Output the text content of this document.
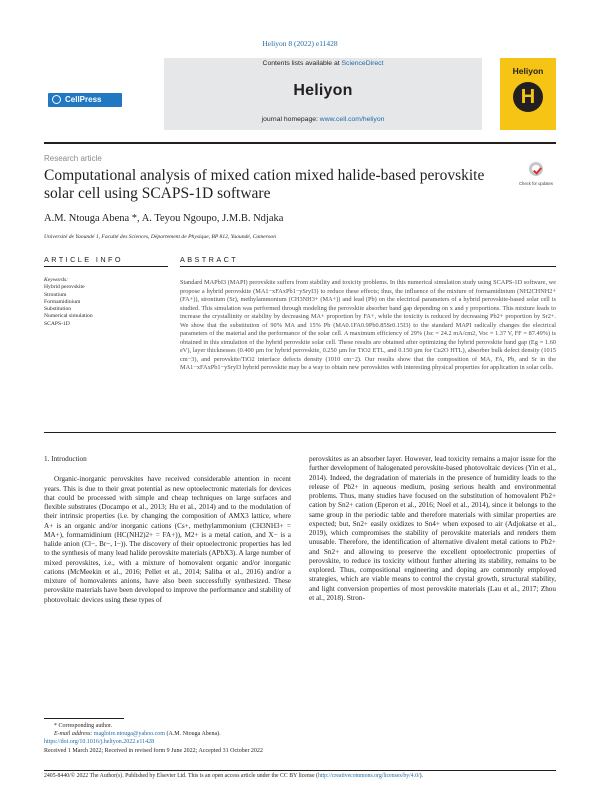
Heliyon 8 (2022) e11428
Contents lists available at ScienceDirect
Heliyon
journal homepage: www.cell.com/heliyon
CellPress
Heliyon
H
Research article
Check for updates
Computational analysis of mixed cation mixed halide-based perovskite solar cell using SCAPS-1D software
A.M. Ntouga Abena *, A. Teyou Ngoupo, J.M.B. Ndjaka
Université de Yaoundé 1, Faculté des Sciences, Département de Physique, BP 812, Yaoundé, Cameroon
ARTICLE INFO	ABSTRACT
Keywords:
Hybrid perovskite
Strontium
Formamidinium
Substitution
Numerical simulation
SCAPS-1D
Standard MAPbI3 (MAPI) perovskite suffers from stability and toxicity problems. In this numerical simulation study using SCAPS-1D software, we propose a hybrid perovskite (MA1−xFAxPb1−ySryI3) to reduce these effects; thus, the influence of the mixture of formamidinium (NH2CHNH2+ (FA+)), strontium (Sr), methylammonium (CH3NH3+ (MA+)) and lead (Pb) on the electrical parameters of a hybrid perovskite-based solar cell is studied. This simulation was performed through modeling the perovskite absorber band gap depending on x and y proportions. This mixture leads to increase the crystallinity or stability by decreasing MA+ proportion by FA+, while the toxicity is reduced by decreasing Pb2+ proportion by Sr2+. We show that the substitution of 90% MA and 15% Pb (MA0.1FA0.9Pb0.85Sr0.15I3) to the standard MAPI radically changes the electrical parameters of the material and the performance of the solar cell. A maximum efficiency of 29% (Jsc = 24.2 mA/cm2, Voc = 1.37 V, FF = 87.49%) is obtained in this simulation of the hybrid perovskite solar cell. These results are obtained after optimizing the hybrid perovskite band gap (Eg = 1.60 eV), layer thicknesses (0.400 µm for hybrid perovskite, 0.250 µm for TiO2 ETL, and 0.150 µm for Cu2O HTL), absorber bulk defect density (1015 cm−3), and perovskite/TiO2 interface defects density (1010 cm−2). Our results show that the composition of MA, FA, Pb, and Sr in the MA1−xFAxPb1−ySryI3 hybrid perovskite may be a way to obtain new perovskites with interesting physical properties for application in solar cells.
1. Introduction

Organic-inorganic perovskites have received considerable attention in recent years. This is due to their great potential as new optoelectronic materials for devices that could be processed with simple and cheap techniques on large surfaces and flexible substrates (Docampo et al., 2013; Hu et al., 2014) and to the modulation of their intrinsic properties (i.e. by changing the composition of AMX3 lattice, where A+ is an organic and/or inorganic cations (Cs+, methylammonium (CH3NH3+ = MA+), formamidinium (HC(NH2)2+ = FA+)), M2+ is a metal cation, and X− is a halide anion (Cl−, Br−, I−)). The discovery of their optoelectronic properties has led to the synthesis of many lead halide perovskite materials (APbX3). A large number of mixed perovskites, i.e., with a mixture of homovalent organic and/or inorganic cations (McMeekin et al., 2016; Pellet et al., 2014; Saliba et al., 2016) and/or a mixture of homovalents anions, have also been successfully synthesized. These perovskite materials have been developed to improve the performance and stability of photovoltaic devices using these types of

perovskites as an absorber layer. However, lead toxicity remains a major issue for the further development of halogenated perovskite-based photovoltaic devices (Yin et al., 2014). Indeed, the degradation of materials in the presence of humidity leads to the release of Pb2+ in aqueous medium, posing serious health and environmental problems. Thus, many studies have focused on the substitution of homovalent Pb2+ cation by Sn2+ cation (Eperon et al., 2016; Noel et al., 2014), since it belongs to the same group in the periodic table and therefore materials with similar properties are expected; but, Sn2+ easily oxidizes to Sn4+ when exposed to air (Adjokatse et al., 2019), which compromises the stability of perovskite materials and renders them unusable. Therefore, the identification of alternative divalent metal cations to Pb2+ and Sn2+ and allowing to preserve the excellent optoelectronic properties of perovskite, to reduce its toxicity without further altering its stability, remains to be explored. Thus, compositional engineering and doping are commonly employed strategies, which are viable means to control the crystal growth, structural stability, and light conversion properties of most perovskite materials (Lau et al., 2017; Zhou et al., 2018). Stron-

* Corresponding author.
E-mail address: magloire.ntouga@yahoo.com (A.M. Ntouga Abena).
https://doi.org/10.1016/j.heliyon.2022.e11428
Received 1 March 2022; Received in revised form 9 June 2022; Accepted 31 October 2022
2405-8440/© 2022 The Author(s). Published by Elsevier Ltd. This is an open access article under the CC BY license (http://creativecommons.org/licenses/by/4.0/).
